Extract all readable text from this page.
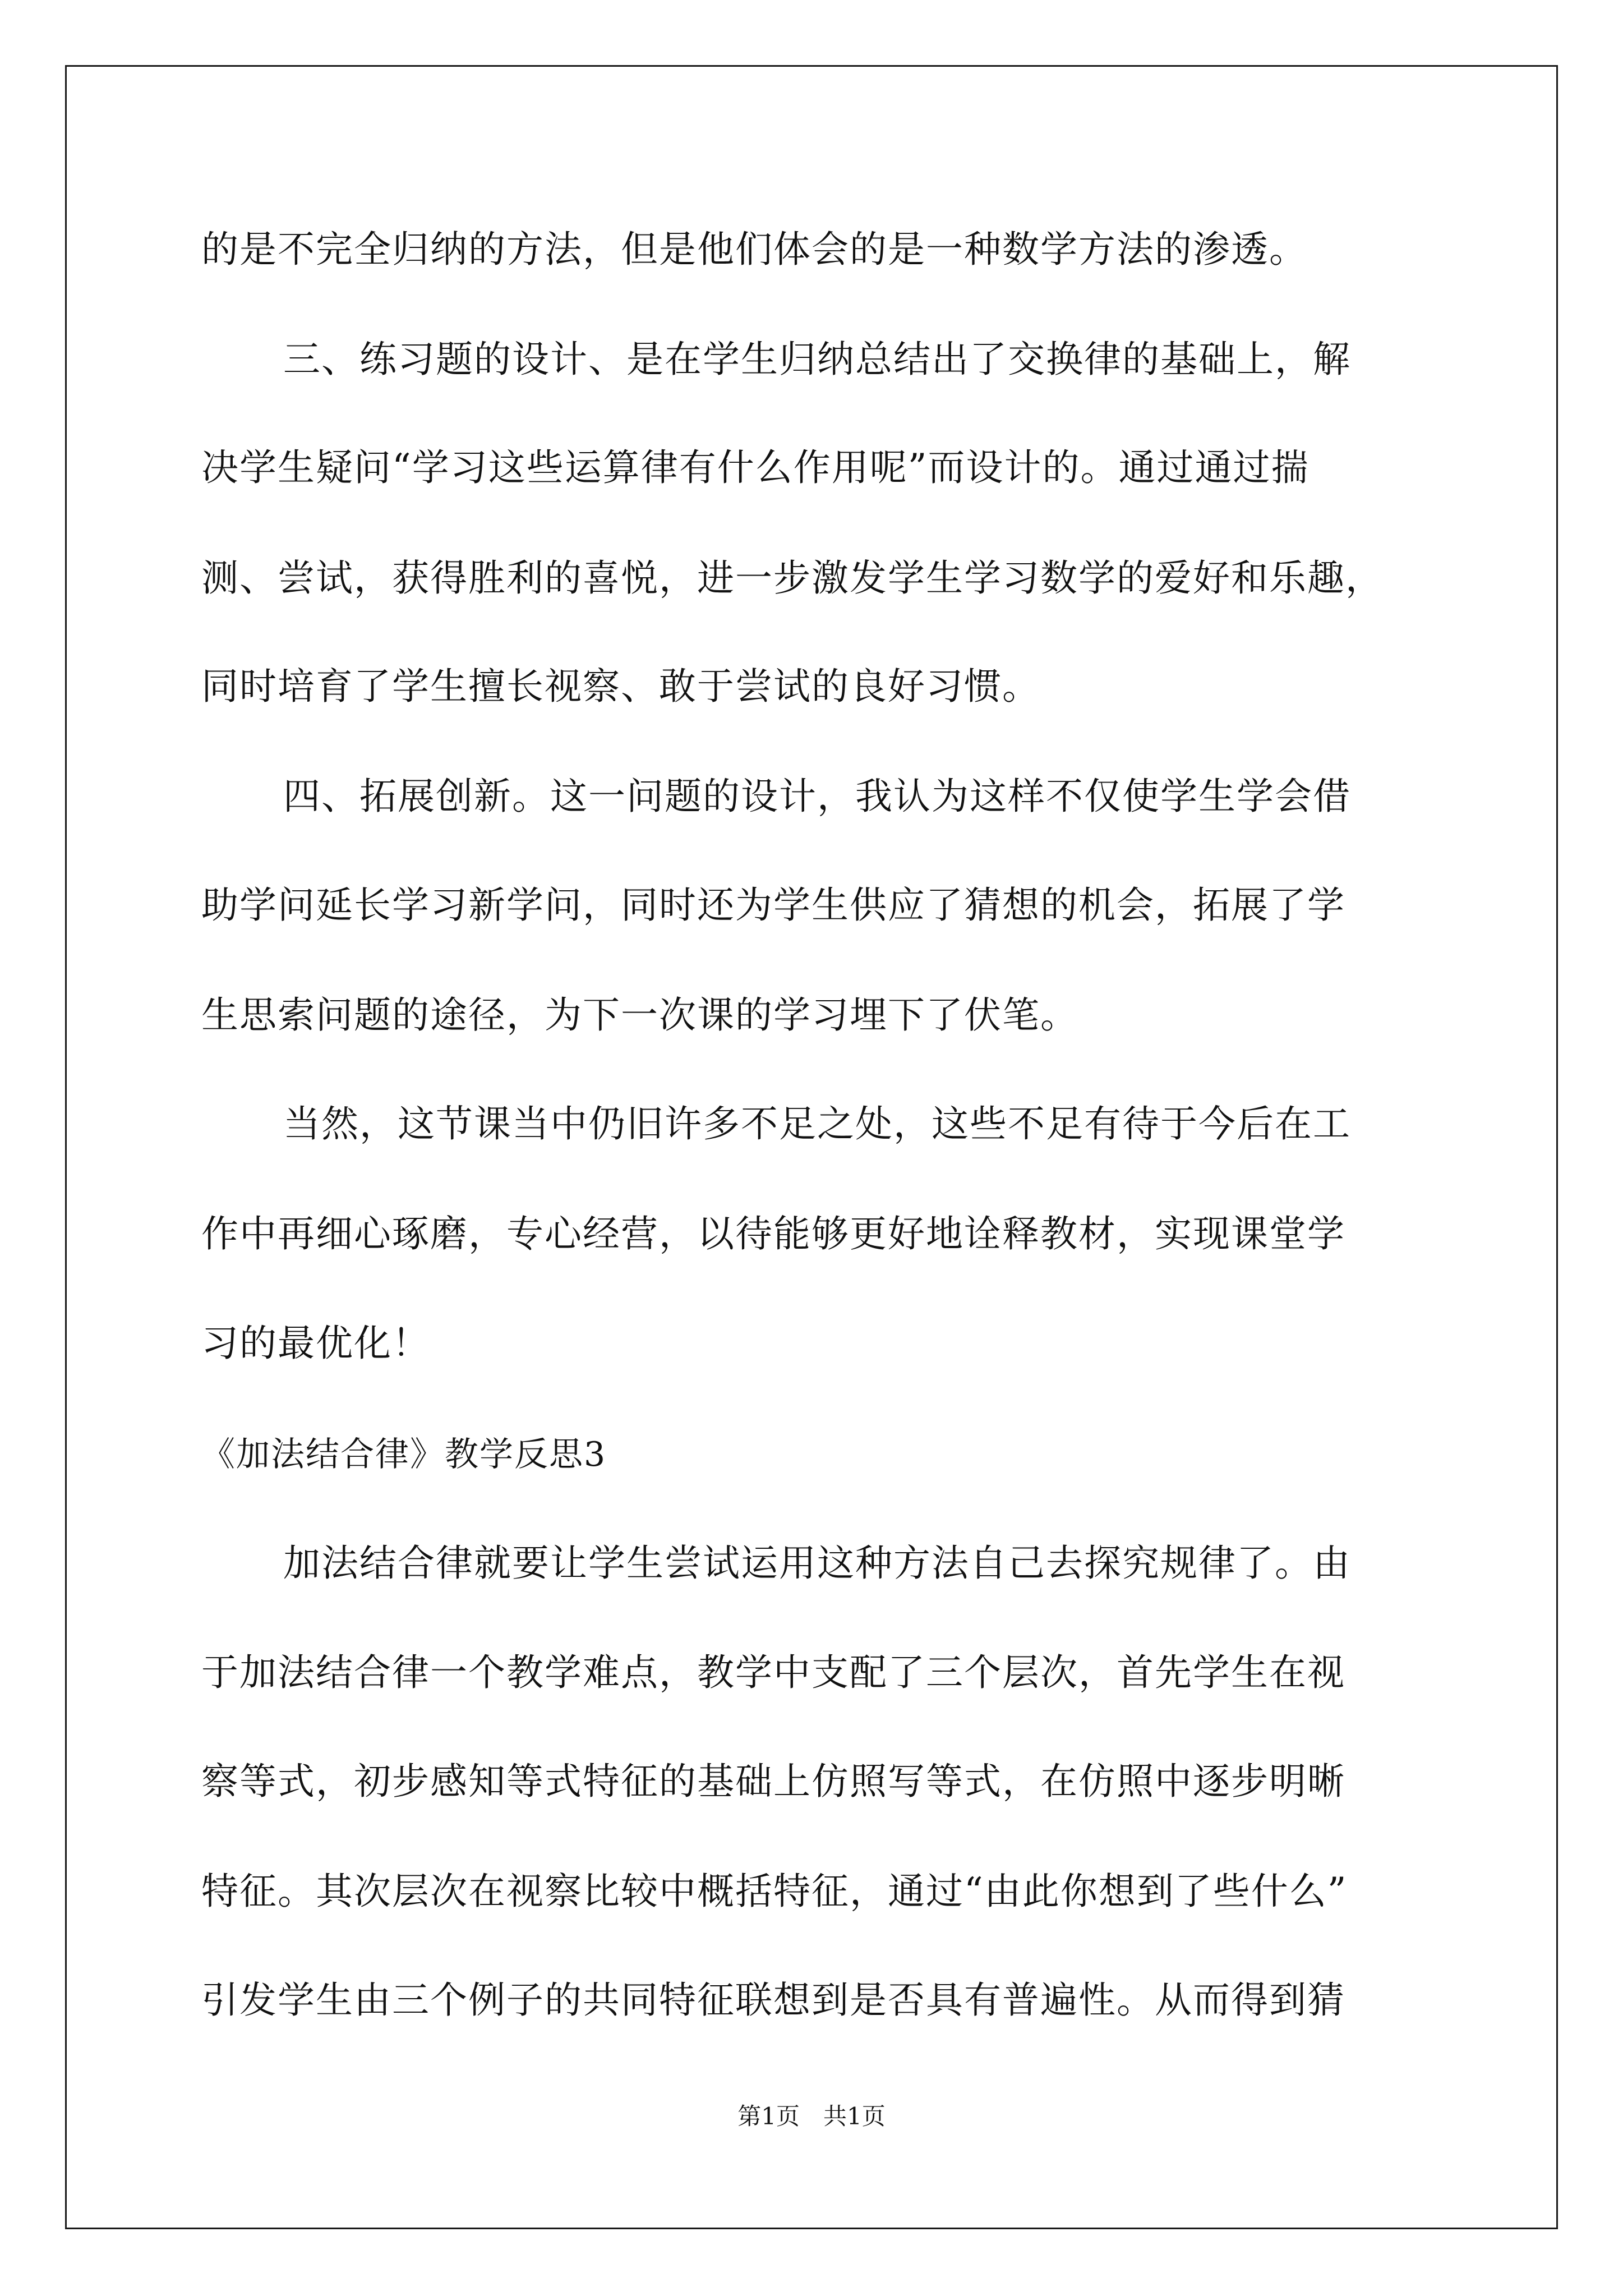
的是不完全归纳的方法，但是他们体会的是一种数学方法的渗透。
三、练习题的设计、是在学生归纳总结出了交换律的基础上，解
决学生疑问“学习这些运算律有什么作用呢”而设计的。通过通过揣
测、尝试，获得胜利的喜悦，进一步激发学生学习数学的爱好和乐趣，
同时培育了学生擅长视察、敢于尝试的良好习惯。
四、拓展创新。这一问题的设计，我认为这样不仅使学生学会借
助学问延长学习新学问，同时还为学生供应了猜想的机会，拓展了学
生思索问题的途径，为下一次课的学习埋下了伏笔。
当然，这节课当中仍旧许多不足之处，这些不足有待于今后在工
作中再细心琢磨，专心经营，以待能够更好地诠释教材，实现课堂学
习的最优化！
《加法结合律》教学反思3
加法结合律就要让学生尝试运用这种方法自己去探究规律了。由
于加法结合律一个教学难点，教学中支配了三个层次，首先学生在视
察等式，初步感知等式特征的基础上仿照写等式，在仿照中逐步明晰
特征。其次层次在视察比较中概括特征，通过“由此你想到了些什么”
引发学生由三个例子的共同特征联想到是否具有普遍性。从而得到猜
第1页　共1页
